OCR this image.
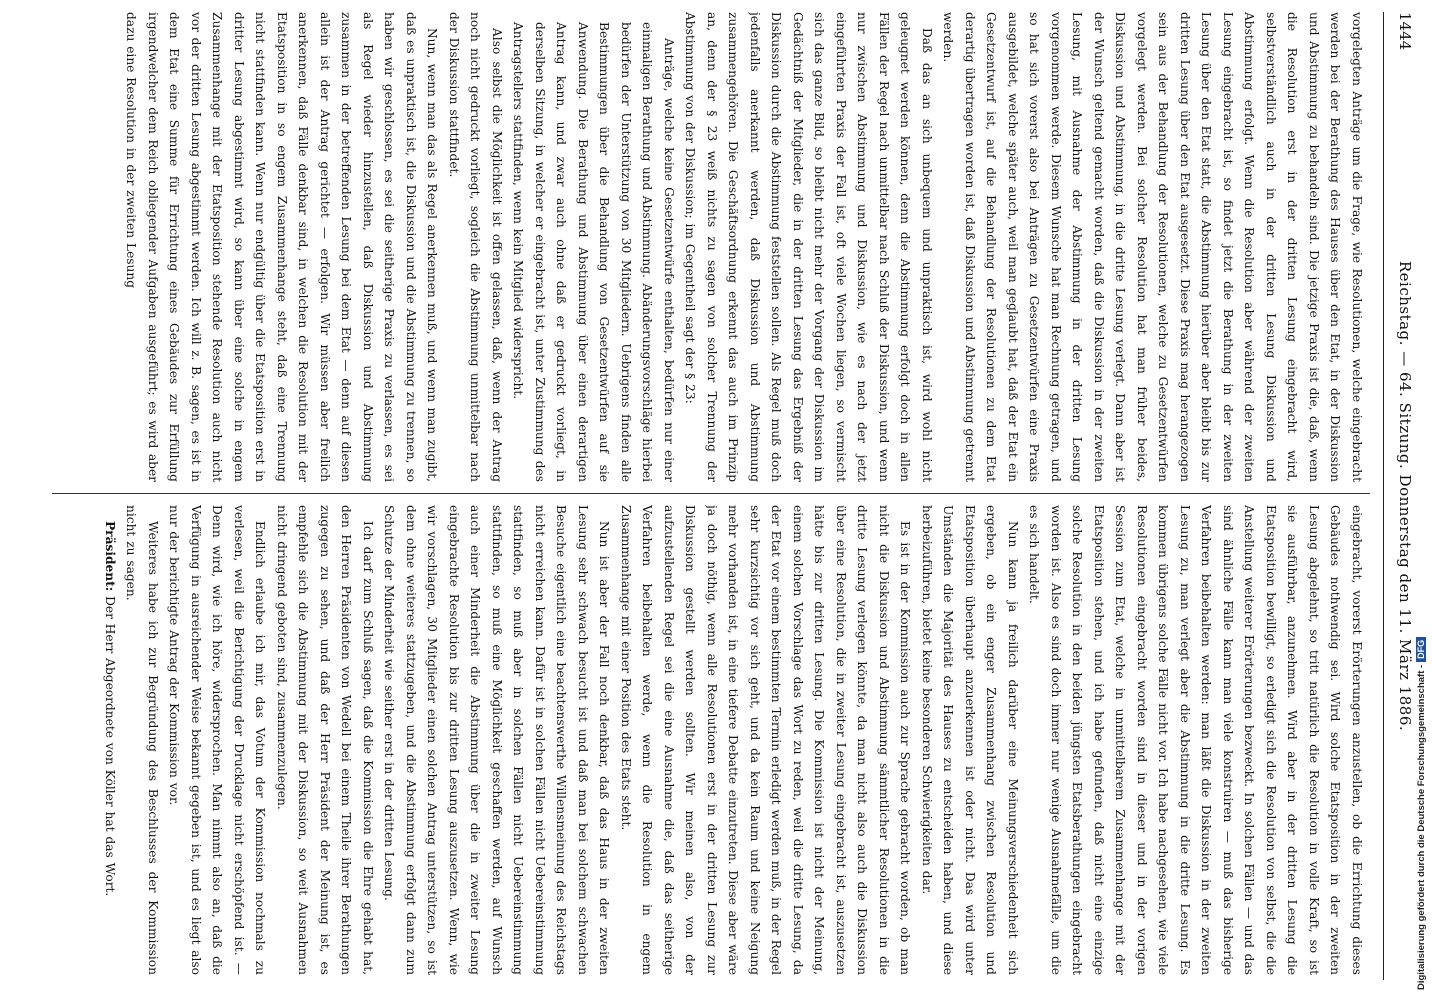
vorgelegten Anträge um die Frage, wie Resolutionen, welche eingebracht werden bei der Berathung des Hauses über den Etat, in der Diskussion und Abstimmung zu behandeln sind. Die jetzige Praxis ist die, daß, wenn die Resolution erst in der dritten Lesung eingebracht wird, selbstverständlich auch in der dritten Lesung Diskussion und Abstimmung erfolgt. Wenn die Resolution aber während der zweiten Lesung eingebracht ist, so findet jetzt die Berathung in der zweiten Lesung über den Etat statt, die Abstimmung hierüber aber bleibt bis zur dritten Lesung über den Etat ausgesetzt. Diese Praxis mag herangezogen sein aus der Behandlung der Resolutionen, welche zu Gesetzentwürfen vorgelegt werden. Bei solcher Resolution hat man früher beides, Diskussion und Abstimmung, in die dritte Lesung verlegt. Dann aber ist der Wunsch geltend gemacht worden, daß die Diskussion in der zweiten Lesung, mit Ausnahme der Abstimmung in der dritten Lesung vorgenommen werde. Diesem Wunsche hat man Rechnung getragen, und so hat sich vorerst also bei Anträgen zu Gesetzentwürfen eine Praxis ausgebildet, welche später auch, weil man geglaubt hat, daß der Etat ein Gesetzentwurf ist, auf die Behandlung der Resolutionen zu dem Etat derartig übertragen worden ist, daß Diskussion und Abstimmung getrennt werden.

Daß das an sich unbequem und unpraktisch ist, wird wohl nicht geleugnet werden können, denn die Abstimmung erfolgt doch in allen Fällen der Regel nach unmittelbar nach Schluß der Diskussion, und wenn nur zwischen Abstimmung und Diskussion, wie es nach der jetzt eingeführten Praxis der Fall ist, oft viele Wochen liegen, so vermischt sich das ganze Bild, so bleibt nicht mehr der Vorgang der Diskussion im Gedächtniß der Mitglieder, die in der dritten Lesung das Ergebniß der Diskussion durch die Abstimmung feststellen sollen. Als Regel muß doch jedenfalls anerkannt werden, daß Diskussion und Abstimmung zusammengehören. Die Geschäftsordnung erkennt das auch im Prinzip an, denn der § 23 weiß nichts zu sagen von solcher Trennung der Abstimmung von der Diskussion; im Gegentheil sagt der § 23:

Anträge, welche keine Gesetzentwürfe enthalten, bedürfen nur einer einmaligen Berathung und Abstimmung. Abänderungsvorschläge hierbei bedürfen der Unterstützung von 30 Mitgliedern. Uebrigens finden alle Bestimmungen über die Behandlung von Gesetzentwürfen auf sie Anwendung. Die Berathung und Abstimmung über einen derartigen Antrag kann, und zwar auch ohne daß er gedruckt vorliegt, in derselben Sitzung, in welcher er eingebracht ist, unter Zustimmung des Antragstellers stattfinden, wenn kein Mitglied widerspricht.

Also selbst die Möglichkeit ist offen gelassen, daß, wenn der Antrag noch nicht gedruckt vorliegt, sogleich die Abstimmung unmittelbar nach der Diskussion stattfindet.

Nun, wenn man das als Regel anerkennen muß, und wenn man zugibt, daß es unpraktisch ist, die Diskussion und die Abstimmung zu trennen, so haben wir geschlossen, es sei die seitherige Praxis zu verlassen, es sei als Regel wieder hinzustellen, daß Diskussion und Abstimmung zusammen in der betreffenden Lesung bei dem Etat — denn auf diesen allein ist der Antrag gerichtet — erfolgen. Wir müssen aber freilich anerkennen, daß Fälle denkbar sind, in welchen die Resolution mit der Etatsposition in so engem Zusammenhange steht, daß eine Trennung nicht stattfinden kann. Wenn nur endgültig über die Etatsposition erst in dritter Lesung abgestimmt wird, so kann über eine solche in engem Zusammenhange mit der Etatsposition stehende Resolution auch nicht vor der dritten Lesung abgestimmt werden. Ich will z. B. sagen, es ist in dem Etat eine Summe für Errichtung eines Gebäudes zur Erfüllung irgendwelcher dem Reich obliegender Aufgaben ausgeführt; es wird aber dazu eine Resolution in der zweiten Lesung

eingebracht, vorerst Erörterungen anzustellen, ob die Errichtung dieses Gebäudes nothwendig sei. Wird solche Etatsposition in der zweiten Lesung abgelehnt, so tritt natürlich die Resolution in volle Kraft, so ist sie ausführbar, anzunehmen. Wird aber in der dritten Lesung die Etatsposition bewilligt, so erledigt sich die Resolution von selbst, die die Anstellung weiterer Erörterungen bezweckt. In solchen Fällen — und das sind ähnliche Fälle kann man viele konstruiren — muß das bisherige Verfahren beibehalten werden: man läßt die Diskussion in der zweiten Lesung zu, man verlegt aber die Abstimmung in die dritte Lesung. Es kommen übrigens solche Fälle nicht vor. Ich habe nachgesehen, wie viele Resolutionen eingebracht worden sind in dieser und in der vorigen Session zum Etat, welche in unmittelbarem Zusammenhange mit der Etatsposition stehen, und ich habe gefunden, daß nicht eine einzige solche Resolution in den beiden jüngsten Etatsberathungen eingebracht worden ist. Also es sind doch immer nur wenige Ausnahmefälle, um die es sich handelt.

Nun kann ja freilich darüber eine Meinungsverschiedenheit sich ergeben, ob ein enger Zusammenhang zwischen Resolution und Etatsposition überhaupt anzuerkennen ist oder nicht. Das wird unter Umständen die Majorität des Hauses zu entscheiden haben, und diese herbeizuführen, bietet keine besonderen Schwierigkeiten dar.

Es ist in der Kommission auch zur Sprache gebracht worden, ob man nicht die Diskussion und Abstimmung sämmtlicher Resolutionen in die dritte Lesung verlegen könnte, da man nicht also auch die Diskussion über eine Resolution, die in zweiter Lesung eingebracht ist, auszusetzen hätte bis zur dritten Lesung. Die Kommission ist nicht der Meinung, einem solchen Vorschlage das Wort zu reden, weil die dritte Lesung, da der Etat vor einem bestimmten Termin erledigt werden muß, in der Regel sehr kurzsichtig vor sich geht, und da kein Raum und keine Neigung mehr vorhanden ist, in eine tiefere Debatte einzutreten. Diese aber wäre ja doch nöthig, wenn alle Resolutionen erst in der dritten Lesung zur Diskussion gestellt werden sollten. Wir meinen also, von der aufzustellenden Regel sei die eine Ausnahme die, daß das seitherige Verfahren beibehalten werde, wenn die Resolution in engem Zusammenhange mit einer Position des Etats steht.

Nun ist aber der Fall noch denkbar, daß das Haus in der zweiten Lesung sehr schwach besucht ist und daß man bei solchem schwachen Besuche eigentlich eine beachtenswerthe Willensmeinung des Reichstags nicht erreichen kann. Dafür ist in solchen Fällen nicht Uebereinstimmung stattfinden, so muß aber in solchen Fällen nicht Uebereinstimmung stattfinden, so muß eine Möglichkeit geschaffen werden, auf Wunsch auch einer Minderheit die Abstimmung über die in zweiter Lesung eingebrachte Resolution bis zur dritten Lesung auszusetzen. Wenn, wie wir vorschlagen, 30 Mitglieder einen solchen Antrag unterstützen, so ist dem ohne weiteres stattzugeben, und die Abstimmung erfolgt dann zum Schutze der Minderheit wie seither erst in der dritten Lesung.

Ich darf zum Schluß sagen, daß die Kommission die Ehre gehabt hat, den Herren Präsidenten von Wedell bei einem Theile ihrer Berathungen zugegen zu sehen, und daß der Herr Präsident der Meinung ist, es empfehle sich die Abstimmung mit der Diskussion, so weit Ausnahmen nicht dringend geboten sind, zusammenzulegen.

Endlich erlaube ich mir, das Votum der Kommission nochmals zu verlesen, weil die Berichtigung der Drucklage nicht erschöpfend ist. — Denn wird, wie ich höre, widersprochen. Man nimmt also an, daß die Verfügung in ausreichender Weise bekannt gegeben ist, und es liegt also nur der berichtigte Antrag der Kommission vor.

Weiteres habe ich zur Begründung des Beschlusses der Kommission nicht zu sagen.

Präsident: Der Herr Abgeordnete von Köller hat das Wort.

1444
Reichstag. — 64. Sitzung. Donnerstag den 11. März 1886.
Digitalisierung gefördert durch die Deutsche Forschungsgemeinschaft -DFG
